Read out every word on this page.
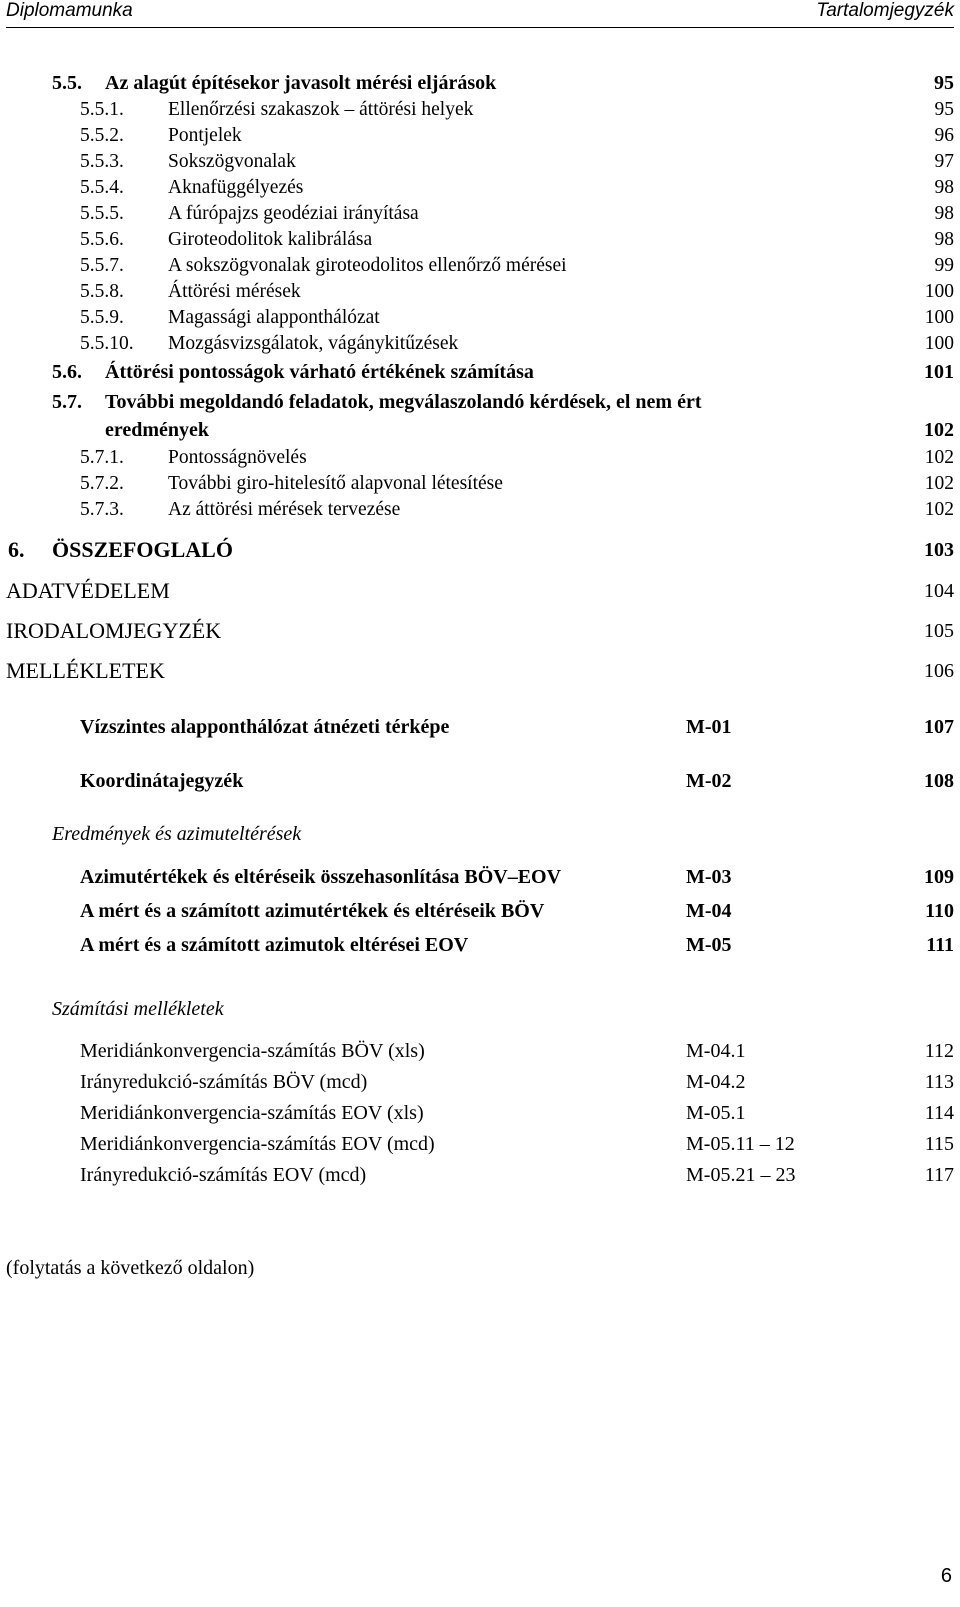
Diplomamunka	Tartalomjegyzék
5.5. Az alagút építésekor javasolt mérési eljárások	95
5.5.1. Ellenőrzési szakaszok – áttörési helyek	95
5.5.2. Pontjelek	96
5.5.3. Sokszögvonalak	97
5.5.4. Aknafüggélyezés	98
5.5.5. A fúrópajzs geodéziai irányítása	98
5.5.6. Giroteodolitok kalibrálása	98
5.5.7. A sokszögvonalak giroteodolitos ellenőrző mérései	99
5.5.8. Áttörési mérések	100
5.5.9. Magassági alapponthálózat	100
5.5.10. Mozgásvizsgálatok, vágánykitűzések	100
5.6. Áttörési pontosságok várható értékének számítása	101
5.7. További megoldandó feladatok, megválaszolandó kérdések, el nem ért
eredmények	102
5.7.1. Pontosságnövelés	102
5.7.2. További giro-hitelesítő alapvonal létesítése	102
5.7.3. Az áttörési mérések tervezése	102
6. ÖSSZEFOGLALÓ	103
ADATVÉDELEM	104
IRODALOMJEGYZÉK	105
MELLÉKLETEK	106
Vízszintes alapponthálózat átnézeti térképe	M-01	107
Koordinátajegyzék	M-02	108
Eredmények és azimuteltérések
Azimutértékek és eltéréseik összehasonlítása BÖV–EOV	M-03	109
A mért és a számított azimutértékek és eltéréseik BÖV	M-04	110
A mért és a számított azimutok eltérései EOV	M-05	111
Számítási mellékletek
Meridiánkonvergencia-számítás BÖV (xls)	M-04.1	112
Irányredukció-számítás BÖV (mcd)	M-04.2	113
Meridiánkonvergencia-számítás EOV (xls)	M-05.1	114
Meridiánkonvergencia-számítás EOV (mcd)	M-05.11 – 12	115
Irányredukció-számítás EOV (mcd)	M-05.21 – 23	117
(folytatás a következő oldalon)
6
